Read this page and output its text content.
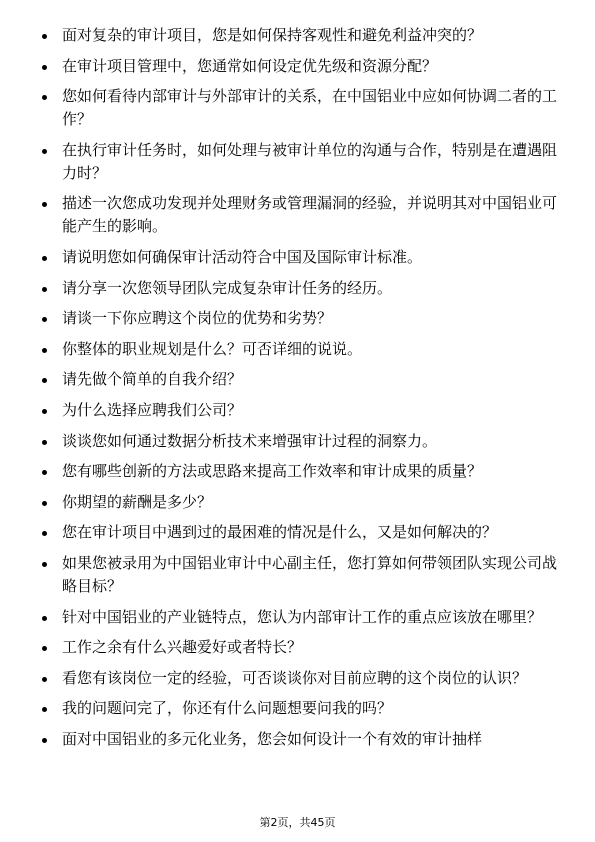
面对复杂的审计项目，您是如何保持客观性和避免利益冲突的？
在审计项目管理中，您通常如何设定优先级和资源分配？
您如何看待内部审计与外部审计的关系，在中国铝业中应如何协调二者的工作？
在执行审计任务时，如何处理与被审计单位的沟通与合作，特别是在遭遇阻力时？
描述一次您成功发现并处理财务或管理漏洞的经验，并说明其对中国铝业可能产生的影响。
请说明您如何确保审计活动符合中国及国际审计标准。
请分享一次您领导团队完成复杂审计任务的经历。
请谈一下你应聘这个岗位的优势和劣势？
你整体的职业规划是什么？可否详细的说说。
请先做个简单的自我介绍？
为什么选择应聘我们公司？
谈谈您如何通过数据分析技术来增强审计过程的洞察力。
您有哪些创新的方法或思路来提高工作效率和审计成果的质量？
你期望的薪酬是多少？
您在审计项目中遇到过的最困难的情况是什么，又是如何解决的？
如果您被录用为中国铝业审计中心副主任，您打算如何带领团队实现公司战略目标？
针对中国铝业的产业链特点，您认为内部审计工作的重点应该放在哪里？
工作之余有什么兴趣爱好或者特长？
看您有该岗位一定的经验，可否谈谈你对目前应聘的这个岗位的认识？
我的问题问完了，你还有什么问题想要问我的吗？
面对中国铝业的多元化业务，您会如何设计一个有效的审计抽样
第2页，共45页
